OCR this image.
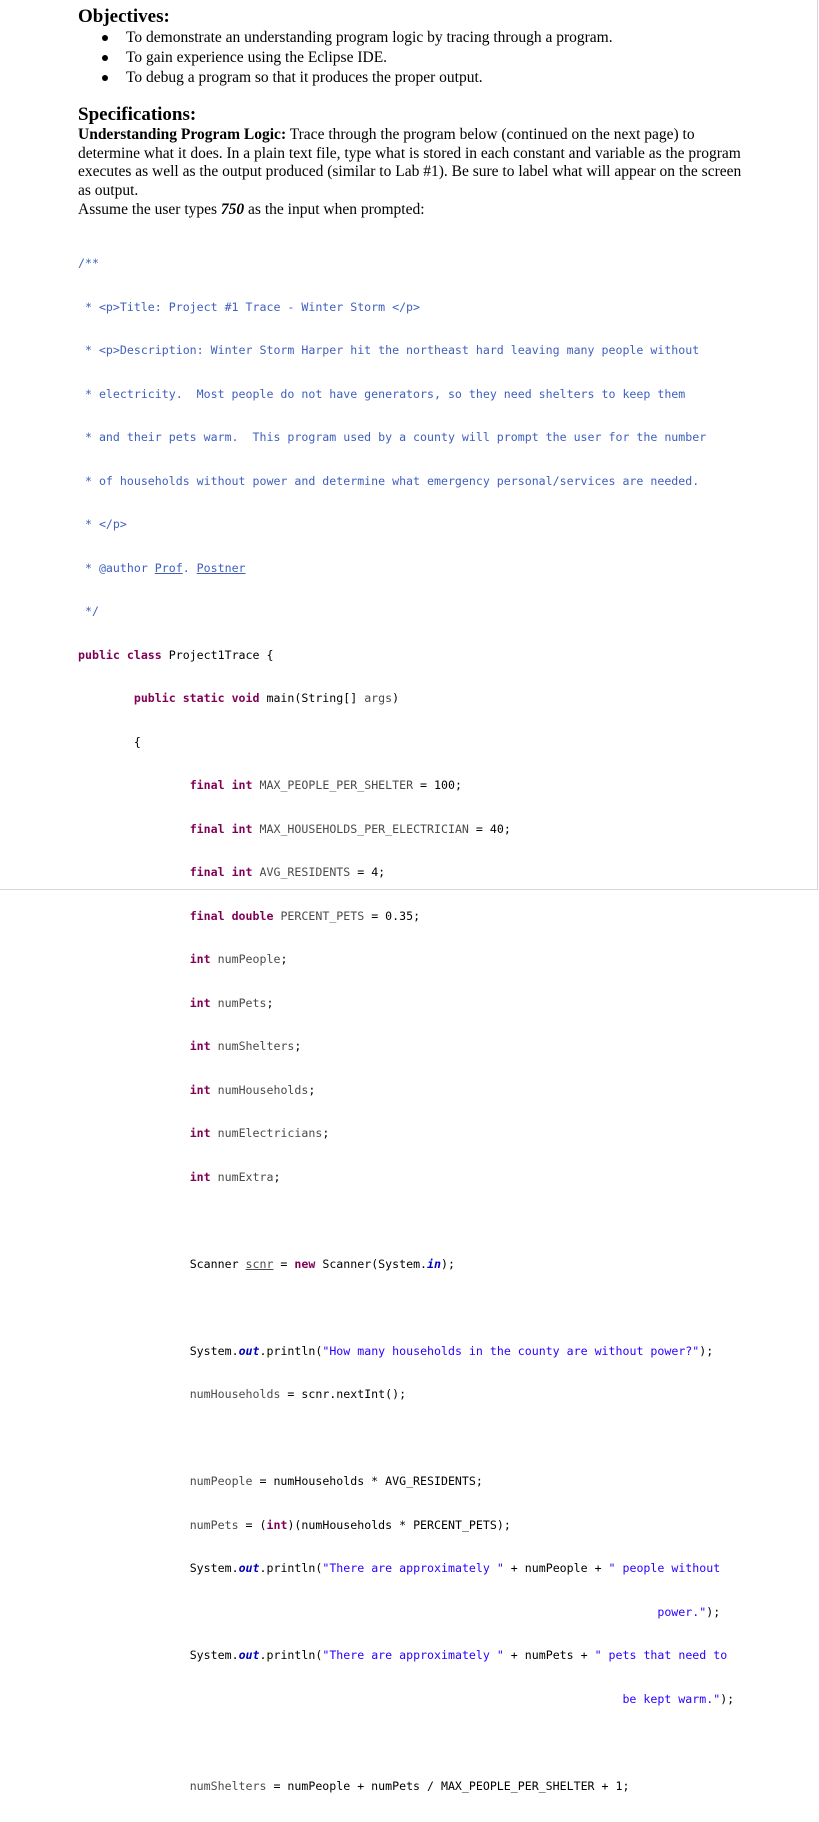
Objectives:
To demonstrate an understanding program logic by tracing through a program.
To gain experience using the Eclipse IDE.
To debug a program so that it produces the proper output.
Specifications:

Understanding Program Logic: Trace through the program below (continued on the next page) to determine what it does. In a plain text file, type what is stored in each constant and variable as the program executes as well as the output produced (similar to Lab #1). Be sure to label what will appear on the screen as output.

Assume the user types 750 as the input when prompted:

/**

* <p>Title: Project #1 Trace - Winter Storm </p>

* <p>Description: Winter Storm Harper hit the northeast hard leaving many people without

* electricity.  Most people do not have generators, so they need shelters to keep them

* and their pets warm.  This program used by a county will prompt the user for the number

* of households without power and determine what emergency personal/services are needed.

* </p>

* @author Prof. Postner

*/

public class Project1Trace {

public static void main(String[] args)

{

final int MAX_PEOPLE_PER_SHELTER = 100;

final int MAX_HOUSEHOLDS_PER_ELECTRICIAN = 40;

final int AVG_RESIDENTS = 4;

final double PERCENT_PETS = 0.35;

int numPeople;

int numPets;

int numShelters;

int numHouseholds;

int numElectricians;

int numExtra;

Scanner scnr = new Scanner(System.in);

System.out.println("How many households in the county are without power?");

numHouseholds = scnr.nextInt();

numPeople = numHouseholds * AVG_RESIDENTS;

numPets = (int)(numHouseholds * PERCENT_PETS);

System.out.println("There are approximately " + numPeople + " people without

power.");

System.out.println("There are approximately " + numPets + " pets that need to

be kept warm.");

numShelters = numPeople + numPets / MAX_PEOPLE_PER_SHELTER + 1;
